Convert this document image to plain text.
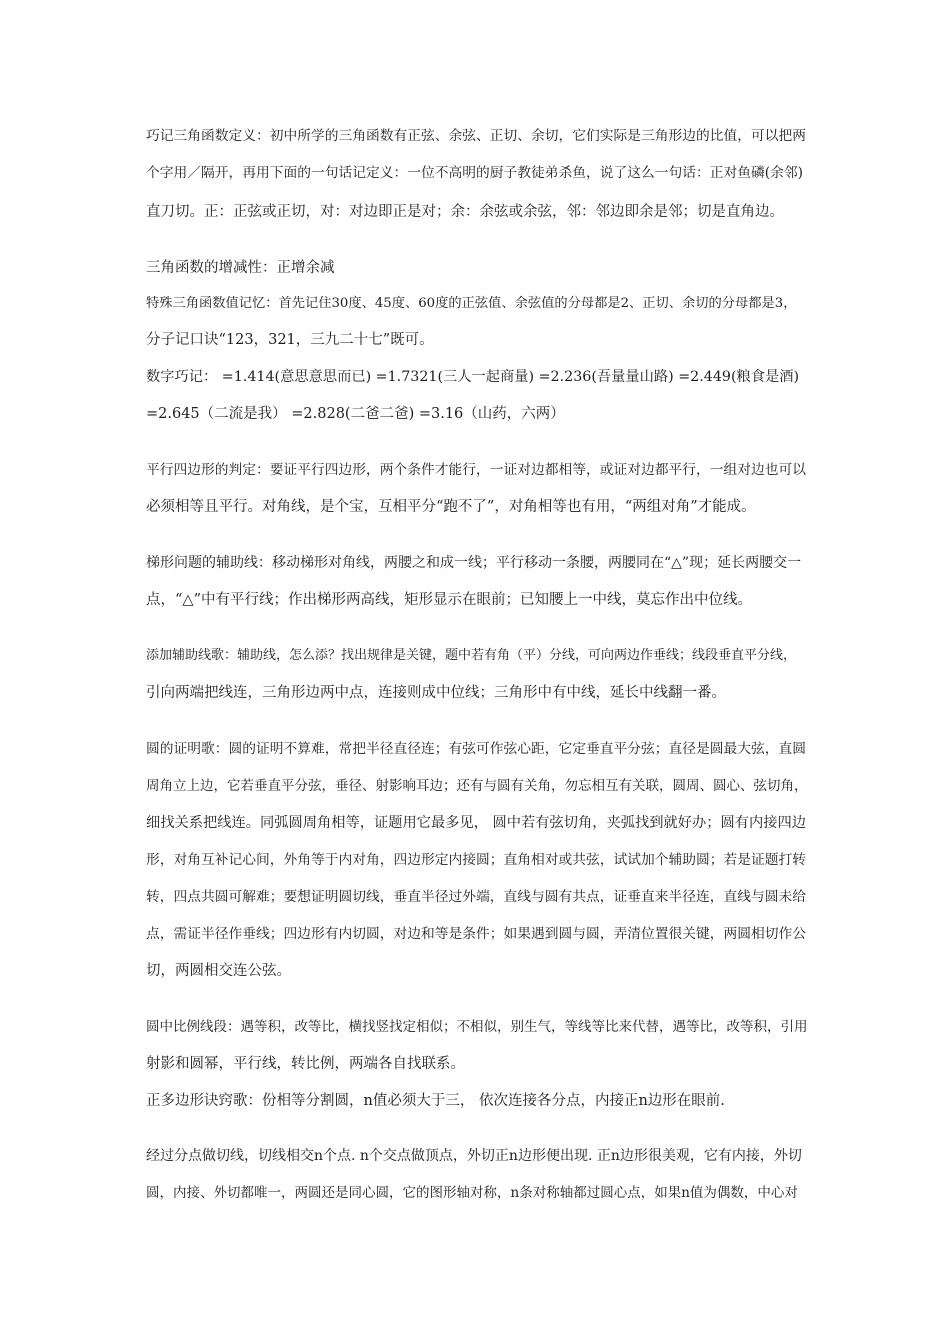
巧记三角函数定义：初中所学的三角函数有正弦、余弦、正切、余切，它们实际是三角形边的比值，可以把两
个字用／隔开，再用下面的一句话记定义：一位不高明的厨子教徒弟杀鱼，说了这么一句话：正对鱼磷(余邻)
直刀切。正：正弦或正切，对：对边即正是对；余：余弦或余弦，邻：邻边即余是邻；切是直角边。
三角函数的增减性：正增余减
特殊三角函数值记忆：首先记住30度、45度、60度的正弦值、余弦值的分母都是2、正切、余切的分母都是3，
分子记口诀“123，321，三九二十七”既可。
数字巧记： =1.414(意思意思而已) =1.7321(三人一起商量) =2.236(吾量量山路) =2.449(粮食是酒)
=2.645（二流是我） =2.828(二爸二爸) =3.16（山药，六两）
平行四边形的判定：要证平行四边形，两个条件才能行，一证对边都相等，或证对边都平行，一组对边也可以
必须相等且平行。对角线，是个宝，互相平分“跑不了”，对角相等也有用，“两组对角”才能成。
梯形问题的辅助线：移动梯形对角线，两腰之和成一线；平行移动一条腰，两腰同在“△”现；延长两腰交一
点，“△”中有平行线；作出梯形两高线，矩形显示在眼前；已知腰上一中线，莫忘作出中位线。
添加辅助线歌：辅助线，怎么添？找出规律是关键，题中若有角（平）分线，可向两边作垂线；线段垂直平分线，
引向两端把线连，三角形边两中点，连接则成中位线；三角形中有中线，延长中线翻一番。
圆的证明歌：圆的证明不算难，常把半径直径连；有弦可作弦心距，它定垂直平分弦；直径是圆最大弦，直圆
周角立上边，它若垂直平分弦，垂径、射影响耳边；还有与圆有关角，勿忘相互有关联，圆周、圆心、弦切角，
细找关系把线连。同弧圆周角相等，证题用它最多见， 圆中若有弦切角，夹弧找到就好办；圆有内接四边
形，对角互补记心间，外角等于内对角，四边形定内接圆；直角相对或共弦，试试加个辅助圆；若是证题打转
转，四点共圆可解难；要想证明圆切线，垂直半径过外端，直线与圆有共点，证垂直来半径连，直线与圆未给
点，需证半径作垂线；四边形有内切圆，对边和等是条件；如果遇到圆与圆，弄清位置很关键，两圆相切作公
切，两圆相交连公弦。
圆中比例线段：遇等积，改等比，横找竖找定相似；不相似，别生气，等线等比来代替，遇等比，改等积，引用
射影和圆幂，平行线，转比例，两端各自找联系。
正多边形诀窍歌：份相等分割圆，n值必须大于三， 依次连接各分点，内接正n边形在眼前.
经过分点做切线，切线相交n个点. n个交点做顶点，外切正n边形便出现. 正n边形很美观，它有内接，外切
圆，内接、外切都唯一，两圆还是同心圆，它的图形轴对称，n条对称轴都过圆心点，如果n值为偶数，中心对
